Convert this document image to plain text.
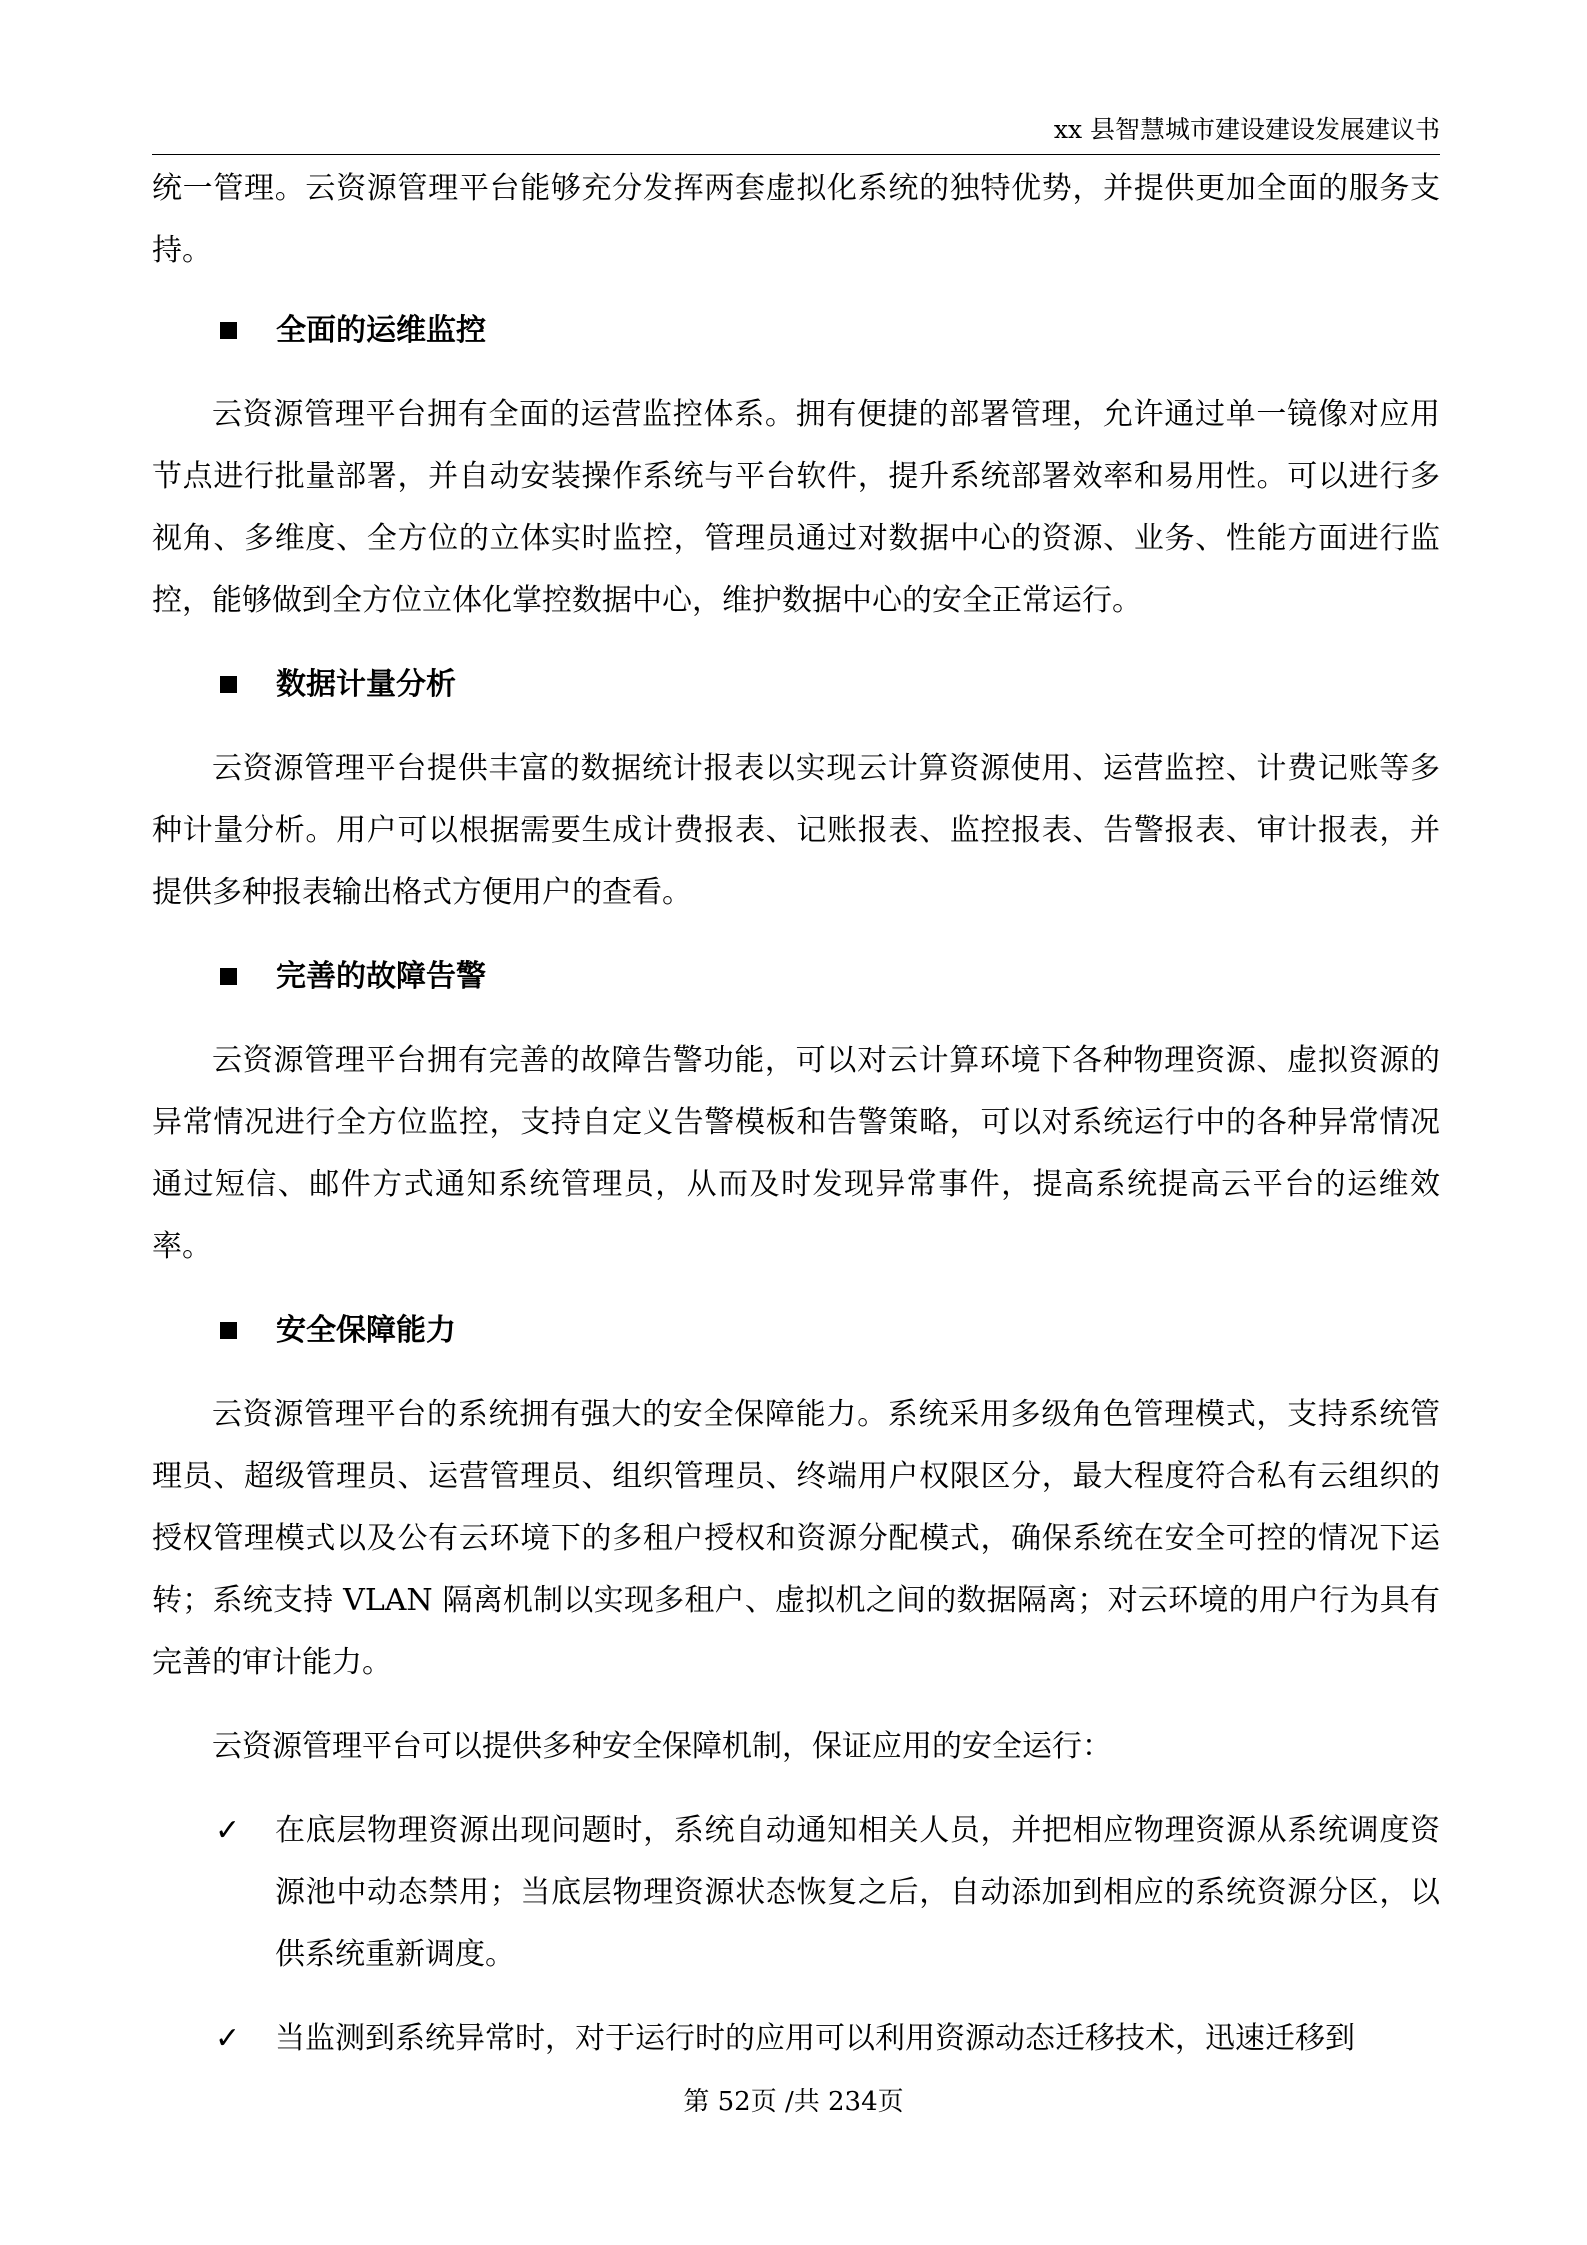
xx 县智慧城市建设建设发展建议书

统一管理。云资源管理平台能够充分发挥两套虚拟化系统的独特优势，并提供更加全面的服务支持。

全面的运维监控

云资源管理平台拥有全面的运营监控体系。拥有便捷的部署管理，允许通过单一镜像对应用节点进行批量部署，并自动安装操作系统与平台软件，提升系统部署效率和易用性。可以进行多视角、多维度、全方位的立体实时监控，管理员通过对数据中心的资源、业务、性能方面进行监控，能够做到全方位立体化掌控数据中心，维护数据中心的安全正常运行。

数据计量分析

云资源管理平台提供丰富的数据统计报表以实现云计算资源使用、运营监控、计费记账等多种计量分析。用户可以根据需要生成计费报表、记账报表、监控报表、告警报表、审计报表，并提供多种报表输出格式方便用户的查看。

完善的故障告警

云资源管理平台拥有完善的故障告警功能，可以对云计算环境下各种物理资源、虚拟资源的异常情况进行全方位监控，支持自定义告警模板和告警策略，可以对系统运行中的各种异常情况通过短信、邮件方式通知系统管理员，从而及时发现异常事件，提高系统提高云平台的运维效率。

安全保障能力

云资源管理平台的系统拥有强大的安全保障能力。系统采用多级角色管理模式，支持系统管理员、超级管理员、运营管理员、组织管理员、终端用户权限区分，最大程度符合私有云组织的授权管理模式以及公有云环境下的多租户授权和资源分配模式，确保系统在安全可控的情况下运转；系统支持 VLAN 隔离机制以实现多租户、虚拟机之间的数据隔离；对云环境的用户行为具有完善的审计能力。

云资源管理平台可以提供多种安全保障机制，保证应用的安全运行：

✓ 在底层物理资源出现问题时，系统自动通知相关人员，并把相应物理资源从系统调度资源池中动态禁用；当底层物理资源状态恢复之后，自动添加到相应的系统资源分区，以供系统重新调度。

✓ 当监测到系统异常时，对于运行时的应用可以利用资源动态迁移技术，迅速迁移到

第 52页 /共 234页
